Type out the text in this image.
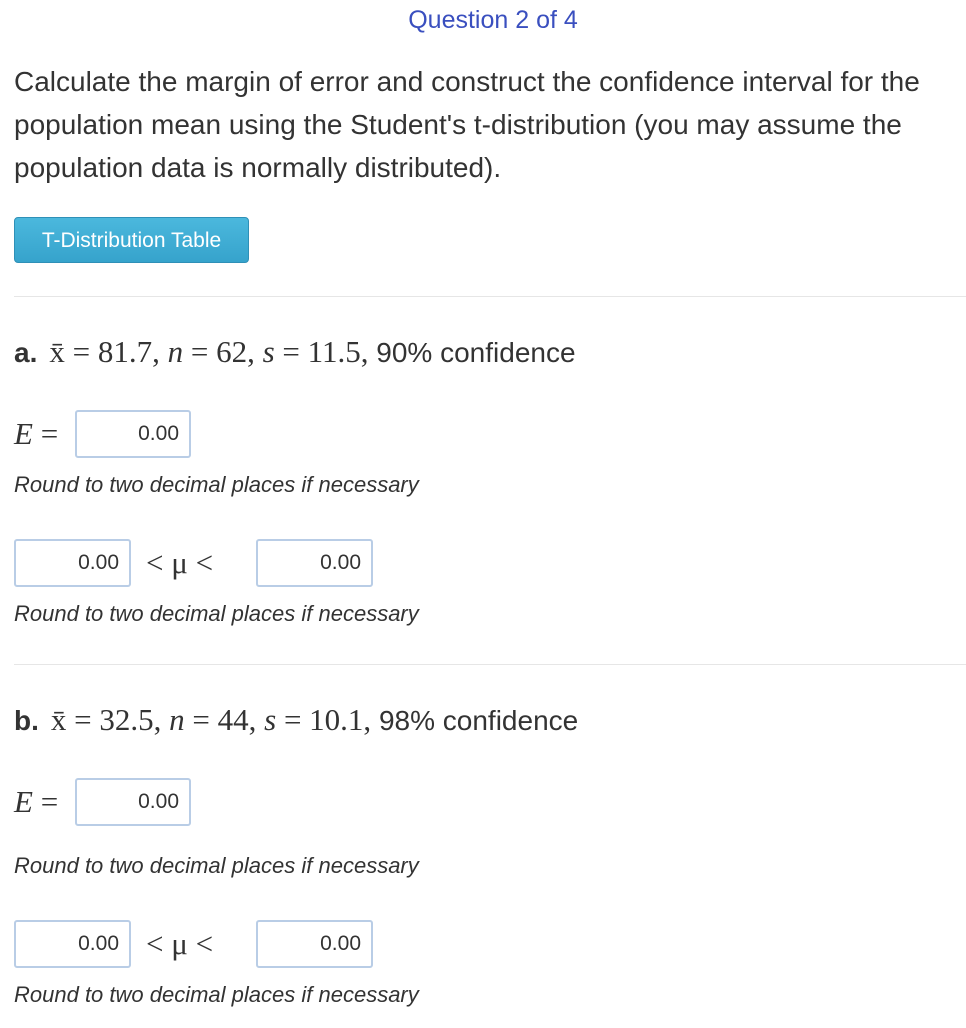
Question 2 of 4
Calculate the margin of error and construct the confidence interval for the population mean using the Student's t-distribution (you may assume the population data is normally distributed).
T-Distribution Table
a. x̄ = 81.7, n = 62, s = 11.5, 90% confidence
E =	0.00
Round to two decimal places if necessary
0.00 < μ <	0.00
Round to two decimal places if necessary
b. x̄ = 32.5, n = 44, s = 10.1, 98% confidence
E =	0.00
Round to two decimal places if necessary
0.00 < μ <	0.00
Round to two decimal places if necessary
